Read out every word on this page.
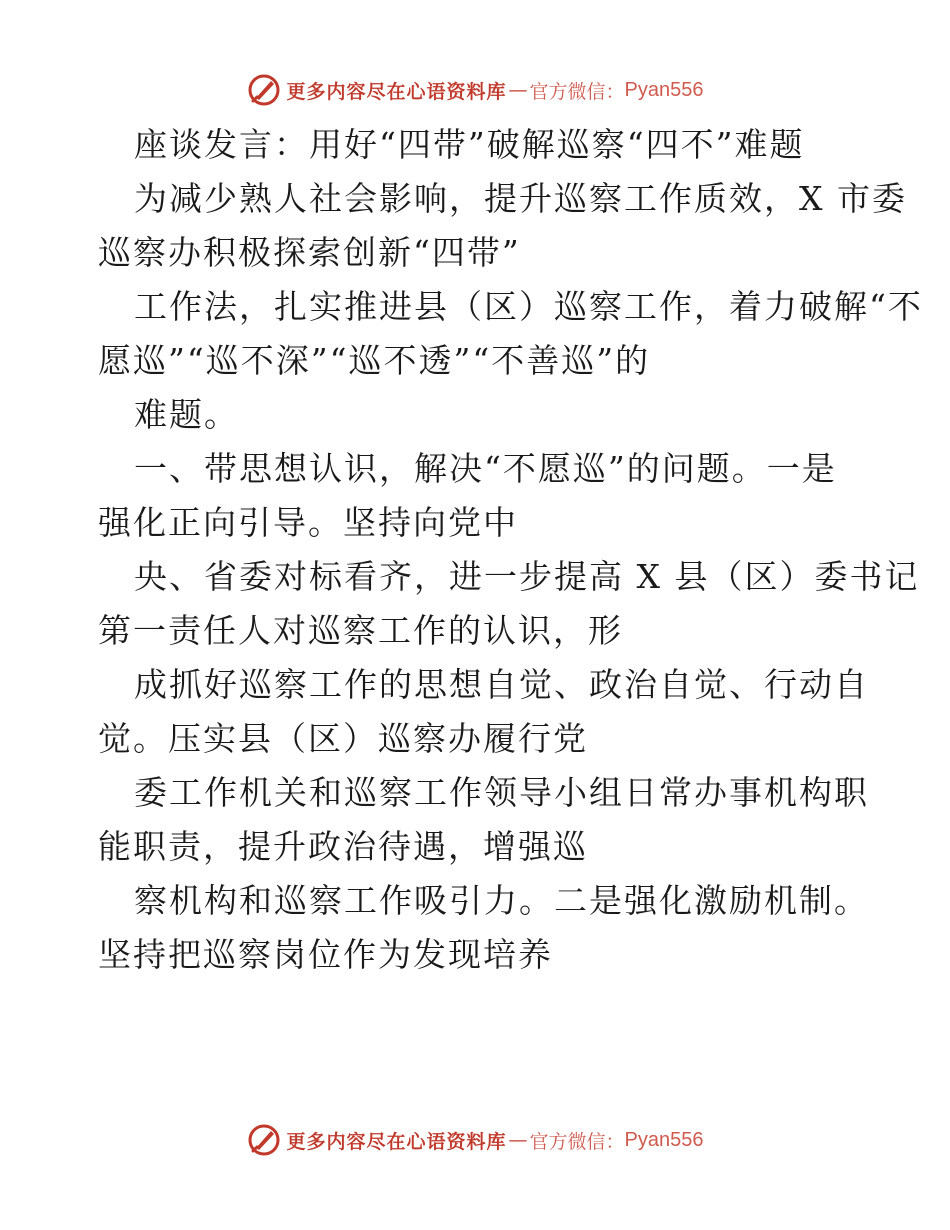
更多内容尽在心语资料库 — 官方微信： Pyan556
座谈发言：用好“四带”破解巡察“四不”难题
为减少熟人社会影响，提升巡察工作质效，X 市委
巡察办积极探索创新“四带”
工作法，扎实推进县（区）巡察工作，着力破解“不
愿巡”“巡不深”“巡不透”“不善巡”的
难题。
一、带思想认识，解决“不愿巡”的问题。一是
强化正向引导。坚持向党中
央、省委对标看齐，进一步提高 X 县（区）委书记
第一责任人对巡察工作的认识，形
成抓好巡察工作的思想自觉、政治自觉、行动自
觉。压实县（区）巡察办履行党
委工作机关和巡察工作领导小组日常办事机构职
能职责，提升政治待遇，增强巡
察机构和巡察工作吸引力。二是强化激励机制。
坚持把巡察岗位作为发现培养
更多内容尽在心语资料库 — 官方微信： Pyan556
